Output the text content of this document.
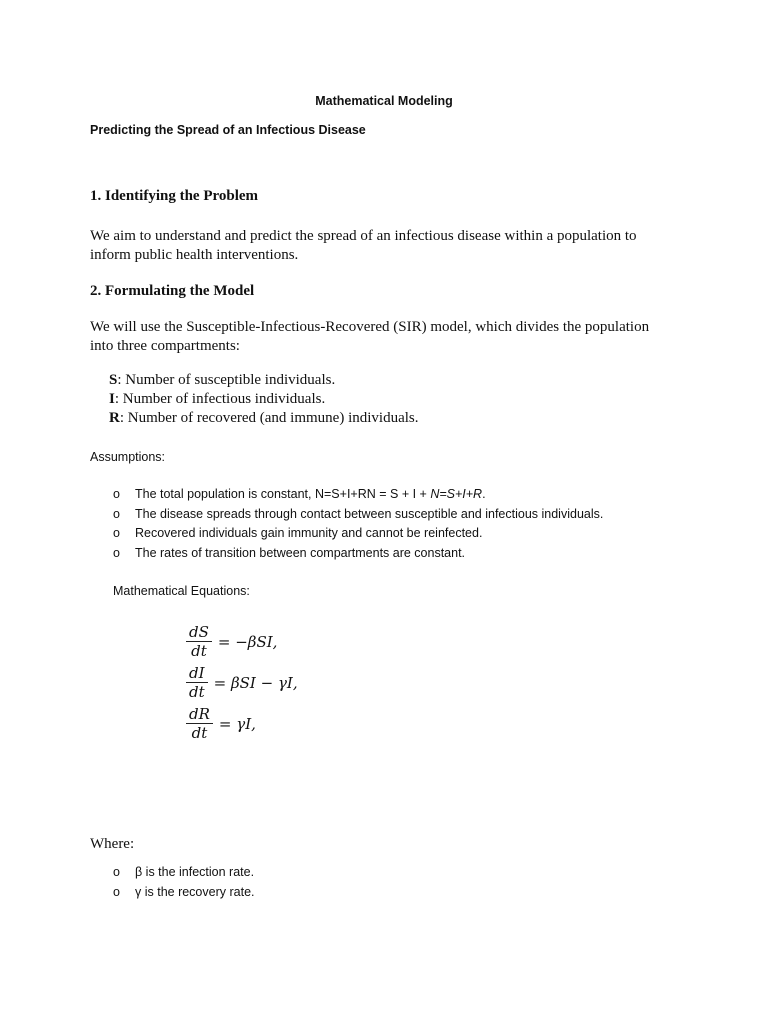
Mathematical Modeling
Predicting the Spread of an Infectious Disease
1. Identifying the Problem
We aim to understand and predict the spread of an infectious disease within a population to
inform public health interventions.
2. Formulating the Model
We will use the Susceptible-Infectious-Recovered (SIR) model, which divides the population
into three compartments:
S: Number of susceptible individuals.
I: Number of infectious individuals.
R: Number of recovered (and immune) individuals.
Assumptions:
o The total population is constant, N=S+I+RN = S + I + N=S+I+R.
o The disease spreads through contact between susceptible and infectious individuals.
o Recovered individuals gain immunity and cannot be reinfected.
o The rates of transition between compartments are constant.
Mathematical Equations:
$\frac{dS}{dt} = -\beta SI$,
$\frac{dI}{dt} = \beta SI - \gamma I$,
$\frac{dR}{dt} = \gamma I$,
Where:
o β is the infection rate.
o γ is the recovery rate.
